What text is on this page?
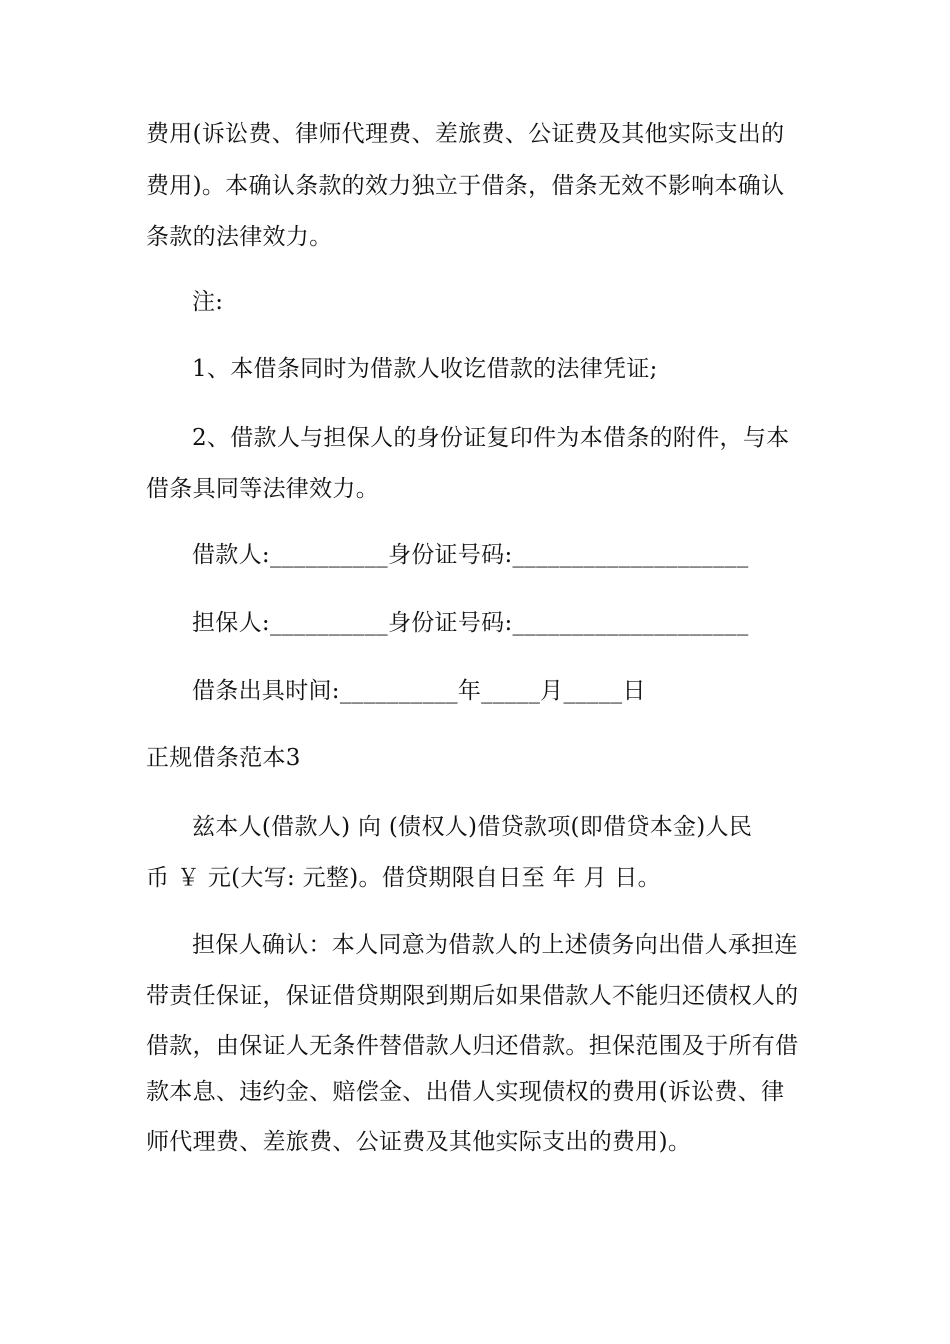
费用(诉讼费、律师代理费、差旅费、公证费及其他实际支出的
费用)。本确认条款的效力独立于借条，借条无效不影响本确认
条款的法律效力。
注:
1、本借条同时为借款人收讫借款的法律凭证;
2、借款人与担保人的身份证复印件为本借条的附件，与本
借条具同等法律效力。
借款人:__________身份证号码:____________________
担保人:__________身份证号码:____________________
借条出具时间:__________年_____月_____日
正规借条范本3
兹本人(借款人) 向 (债权人)借贷款项(即借贷本金)人民
币 ￥ 元(大写: 元整)。借贷期限自日至 年 月 日。
担保人确认：本人同意为借款人的上述债务向出借人承担连
带责任保证，保证借贷期限到期后如果借款人不能归还债权人的
借款，由保证人无条件替借款人归还借款。担保范围及于所有借
款本息、违约金、赔偿金、出借人实现债权的费用(诉讼费、律
师代理费、差旅费、公证费及其他实际支出的费用)。
